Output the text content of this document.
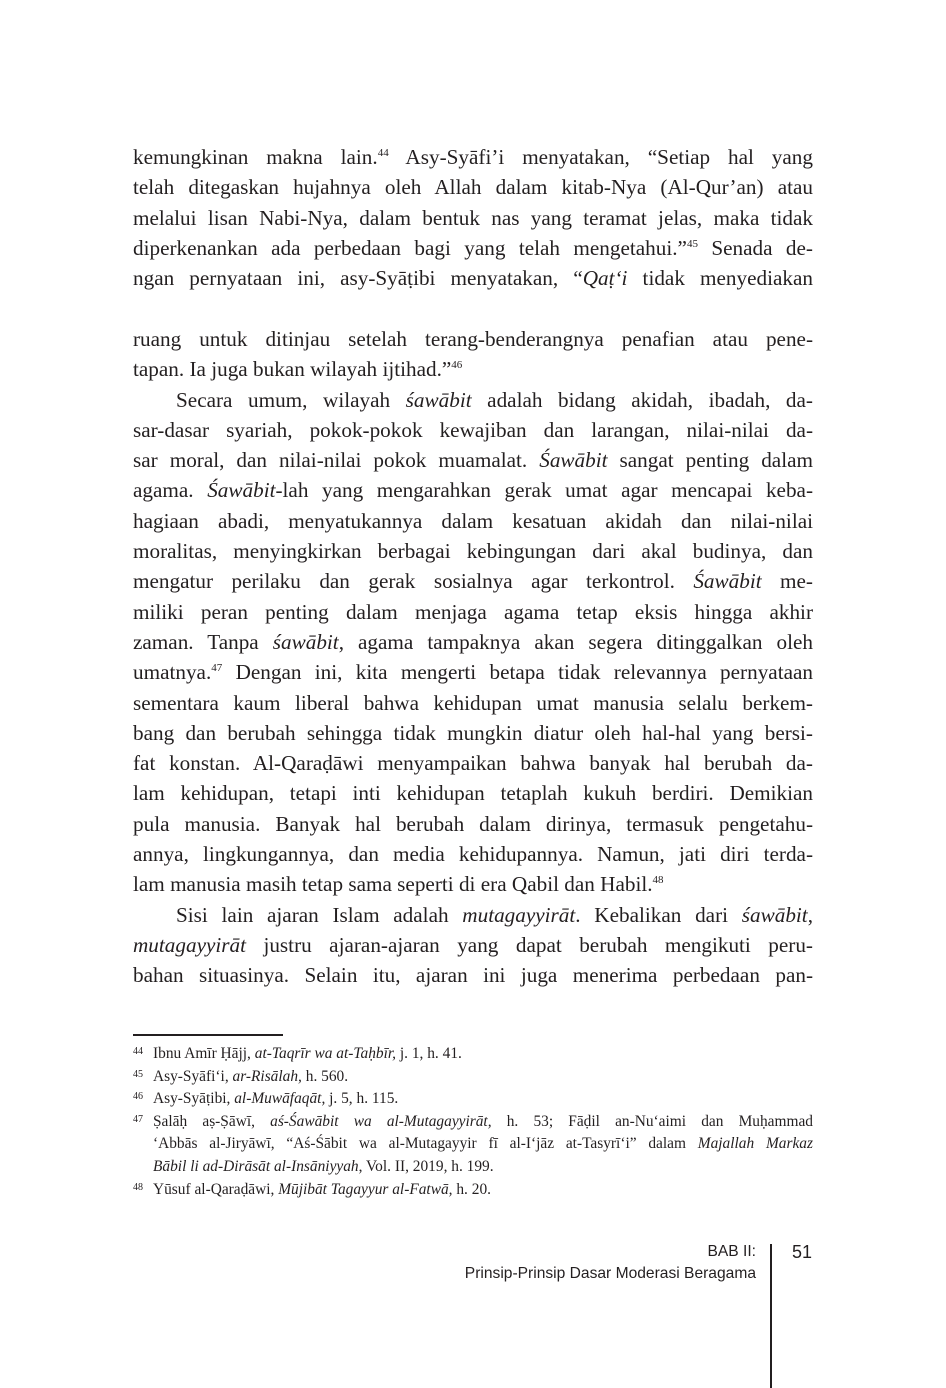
kemungkinan makna lain.$^{44}$ Asy-Syāfi’i menyatakan, “Setiap hal yang
telah ditegaskan hujahnya oleh Allah dalam kitab-Nya (Al-Qur’an) atau
melalui lisan Nabi-Nya, dalam bentuk nas yang teramat jelas, maka tidak
diperkenankan ada perbedaan bagi yang telah mengetahui.”$^{45}$ Senada de-
ngan pernyataan ini, asy-Syāṭibi menyatakan, “Qaṭ‘i tidak menyediakan
ruang untuk ditinjau setelah terang-benderangnya penafian atau pene-
tapan. Ia juga bukan wilayah ijtihad.”$^{46}$
Secara umum, wilayah śawābit adalah bidang akidah, ibadah, da-
sar-dasar syariah, pokok-pokok kewajiban dan larangan, nilai-nilai da-
sar moral, dan nilai-nilai pokok muamalat. Śawābit sangat penting dalam
agama. Śawābit-lah yang mengarahkan gerak umat agar mencapai keba-
hagiaan abadi, menyatukannya dalam kesatuan akidah dan nilai-nilai
moralitas, menyingkirkan berbagai kebingungan dari akal budinya, dan
mengatur perilaku dan gerak sosialnya agar terkontrol. Śawābit me-
miliki peran penting dalam menjaga agama tetap eksis hingga akhir
zaman. Tanpa śawābit, agama tampaknya akan segera ditinggalkan oleh
umatnya.$^{47}$ Dengan ini, kita mengerti betapa tidak relevannya pernyataan
sementara kaum liberal bahwa kehidupan umat manusia selalu berkem-
bang dan berubah sehingga tidak mungkin diatur oleh hal-hal yang bersi-
fat konstan. Al-Qaraḍāwi menyampaikan bahwa banyak hal berubah da-
lam kehidupan, tetapi inti kehidupan tetaplah kukuh berdiri. Demikian
pula manusia. Banyak hal berubah dalam dirinya, termasuk pengetahu-
annya, lingkungannya, dan media kehidupannya. Namun, jati diri terda-
lam manusia masih tetap sama seperti di era Qabil dan Habil.$^{48}$
Sisi lain ajaran Islam adalah mutagayyirāt. Kebalikan dari śawābit,
mutagayyirāt justru ajaran-ajaran yang dapat berubah mengikuti peru-
bahan situasinya. Selain itu, ajaran ini juga menerima perbedaan pan-
44 Ibnu Amīr Ḥājj, at-Taqrīr wa at-Taḥbīr, j. 1, h. 41.
45 Asy-Syāfi‘i, ar-Risālah, h. 560.
46 Asy-Syāṭibi, al-Muwāfaqāt, j. 5, h. 115.
47 Ṣalāḥ aṣ-Ṣāwī, aś-Śawābit wa al-Mutagayyirāt, h. 53; Fāḍil an-Nu‘aimi dan Muḥammad
‘Abbās al-Jiryāwī, “Aś-Śābit wa al-Mutagayyir fī al-I‘jāz at-Tasyrī‘i” dalam Majallah Markaz
Bābil li ad-Dirāsāt al-Insāniyyah, Vol. II, 2019, h. 199.
48 Yūsuf al-Qaraḍāwi, Mūjibāt Tagayyur al-Fatwā, h. 20.
BAB II:
Prinsip-Prinsip Dasar Moderasi Beragama
51
